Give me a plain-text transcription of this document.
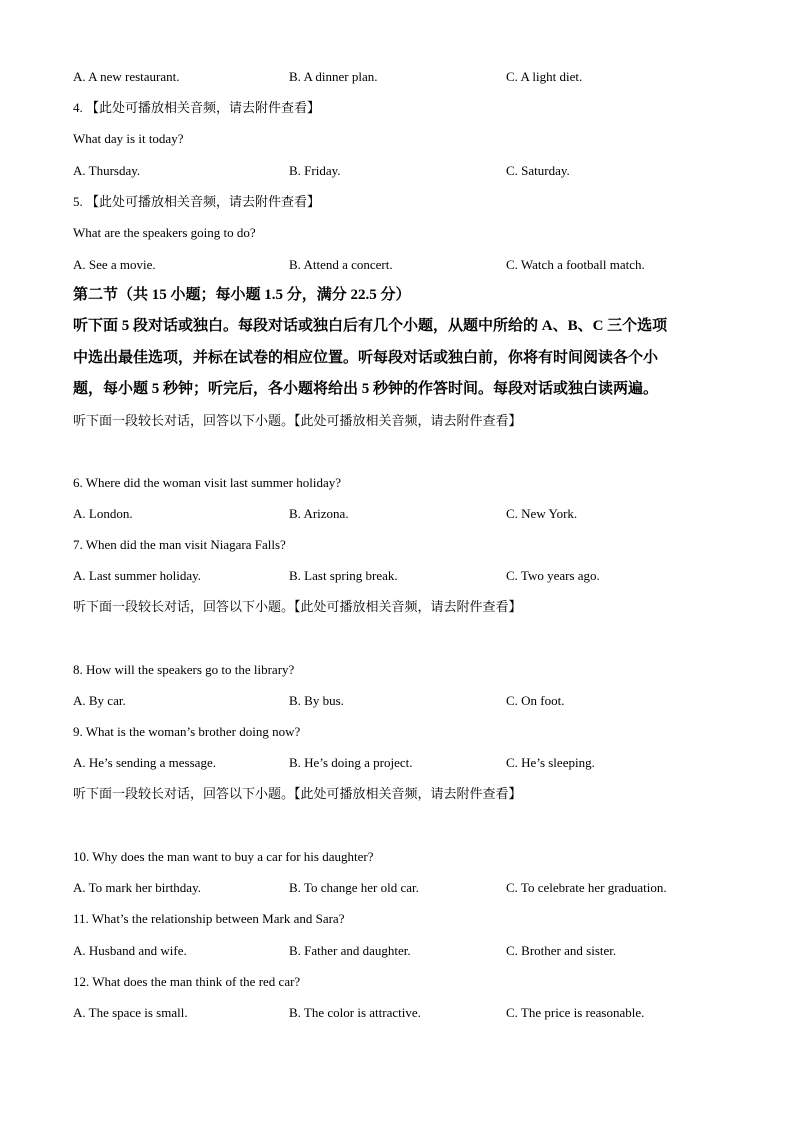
A. A new restaurant.	B. A dinner plan.	C. A light diet.
4. 【此处可播放相关音频，请去附件查看】
What day is it today?
A. Thursday.	B. Friday.	C. Saturday.
5. 【此处可播放相关音频，请去附件查看】
What are the speakers going to do?
A. See a movie.	B. Attend a concert.	C. Watch a football match.
第二节（共 15 小题；每小题 1.5 分，满分 22.5 分）
听下面 5 段对话或独白。每段对话或独白后有几个小题，从题中所给的 A、B、C 三个选项
中选出最佳选项，并标在试卷的相应位置。听每段对话或独白前，你将有时间阅读各个小
题，每小题 5 秒钟；听完后，各小题将给出 5 秒钟的作答时间。每段对话或独白读两遍。
听下面一段较长对话，回答以下小题。【此处可播放相关音频，请去附件查看】
6. Where did the woman visit last summer holiday?
A. London.	B. Arizona.	C. New York.
7. When did the man visit Niagara Falls?
A. Last summer holiday.	B. Last spring break.	C. Two years ago.
听下面一段较长对话，回答以下小题。【此处可播放相关音频，请去附件查看】
8. How will the speakers go to the library?
A. By car.	B. By bus.	C. On foot.
9. What is the woman’s brother doing now?
A. He’s sending a message.	B. He’s doing a project.	C. He’s sleeping.
听下面一段较长对话，回答以下小题。【此处可播放相关音频，请去附件查看】
10. Why does the man want to buy a car for his daughter?
A. To mark her birthday.	B. To change her old car.	C. To celebrate her graduation.
11. What’s the relationship between Mark and Sara?
A. Husband and wife.	B. Father and daughter.	C. Brother and sister.
12. What does the man think of the red car?
A. The space is small.	B. The color is attractive.	C. The price is reasonable.
